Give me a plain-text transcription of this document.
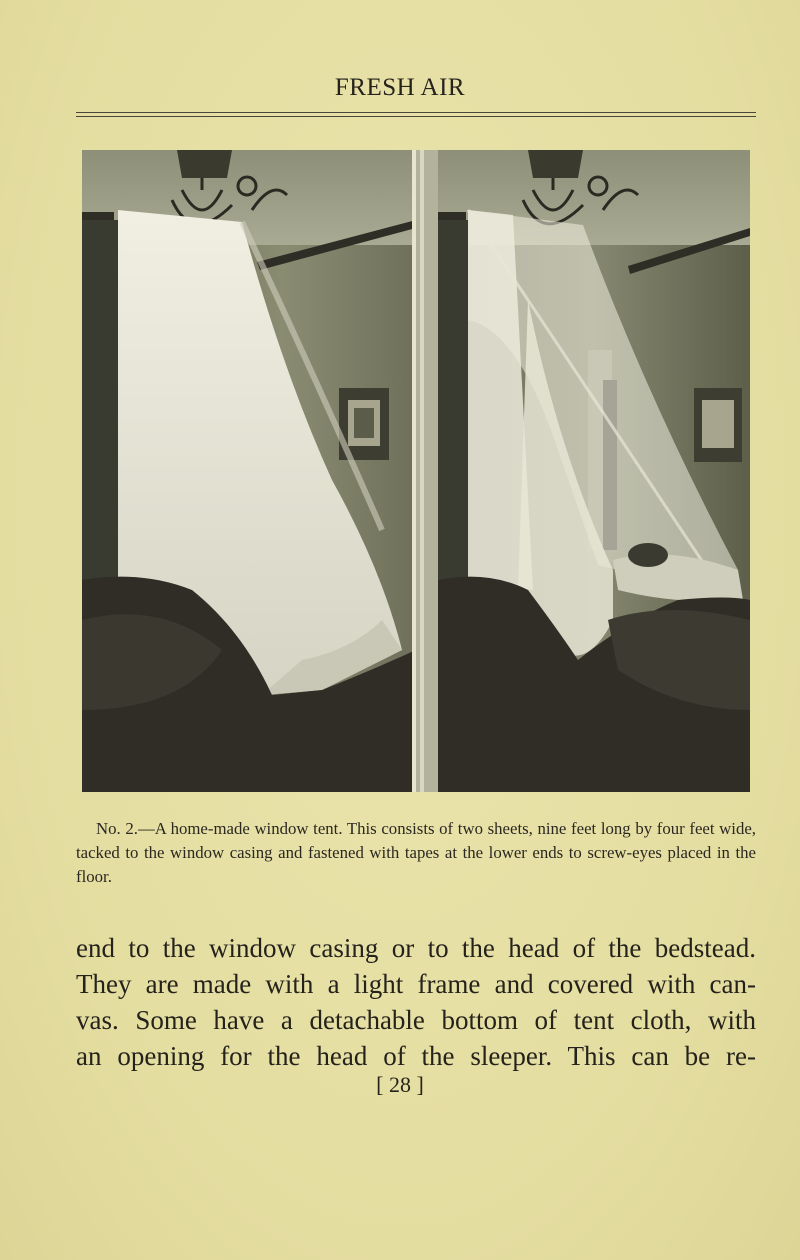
FRESH AIR
No. 2.—A home-made window tent. This consists of two sheets, nine feet long by four feet wide, tacked to the window casing and fastened with tapes at the lower ends to screw-eyes placed in the floor.
end to the window casing or to the head of the bedstead.
They are made with a light frame and covered with can-
vas. Some have a detachable bottom of tent cloth, with
an opening for the head of the sleeper. This can be re-
[ 28 ]
